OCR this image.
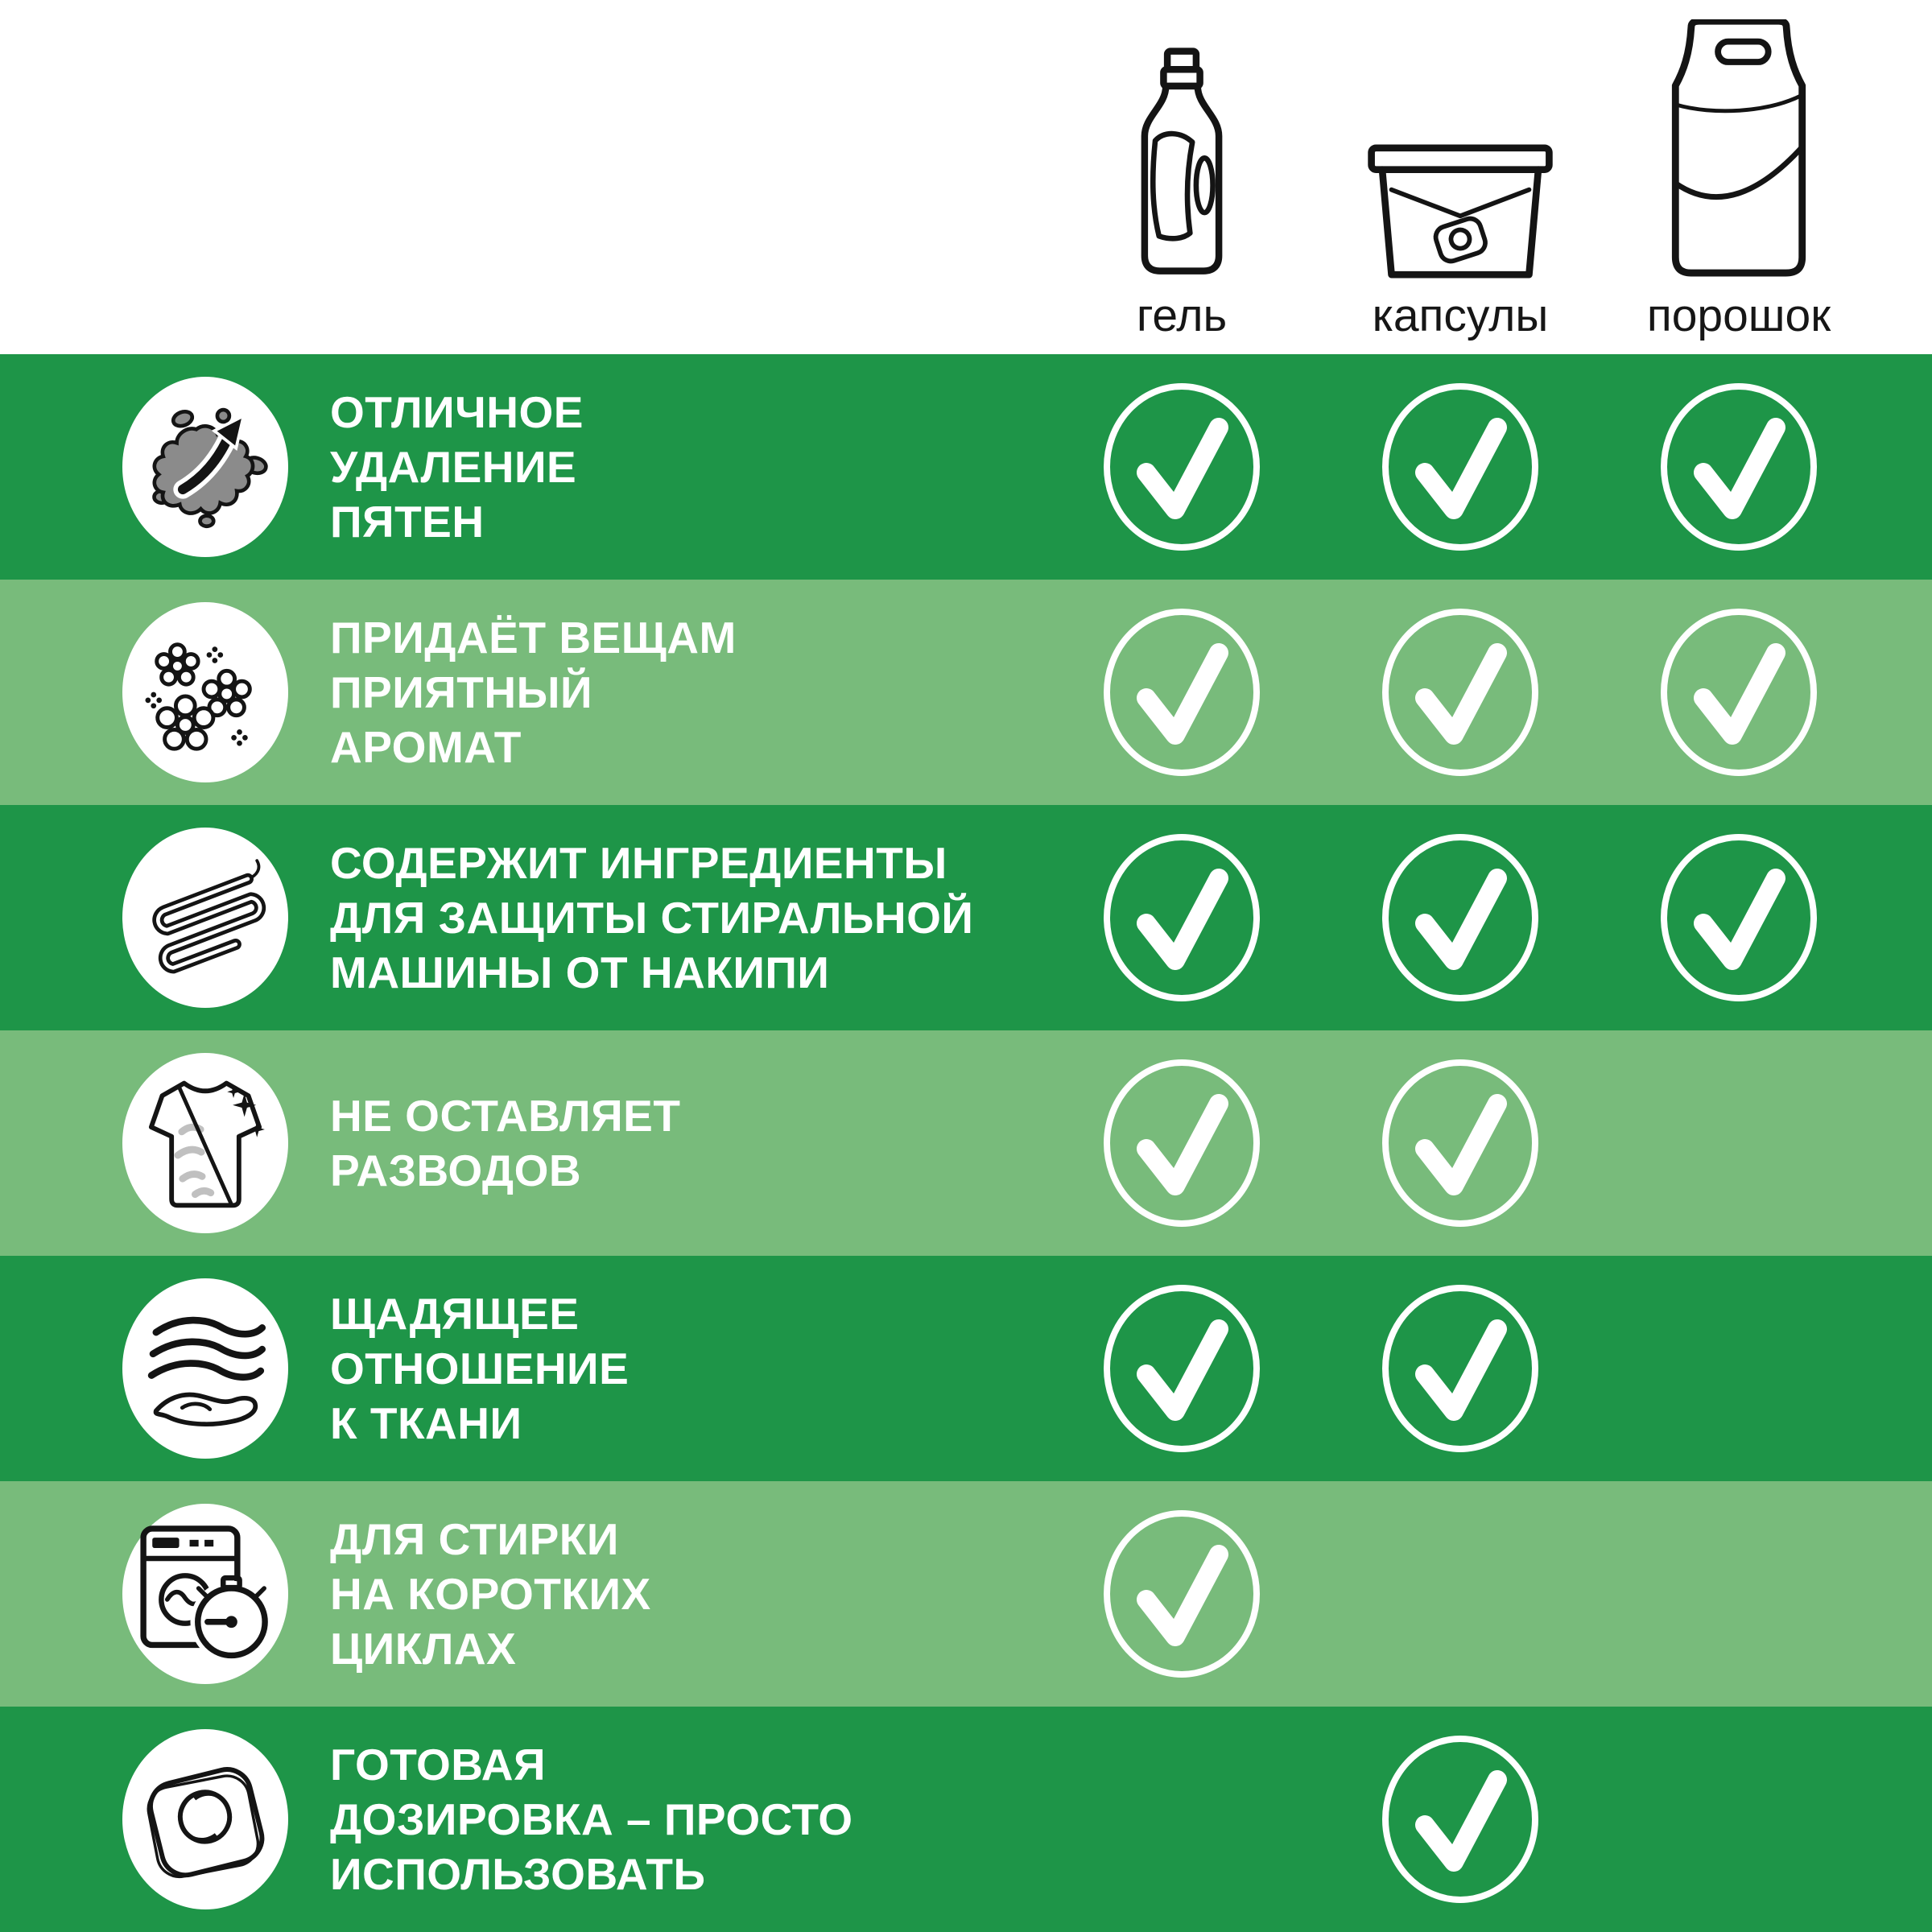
гель	капсулы порошок
ОТЛИЧНОЕ
УДАЛЕНИЕ
ПЯТЕН
ПРИДАЁТ ВЕЩАМ
ПРИЯТНЫЙ
АРОМАТ
СОДЕРЖИТ ИНГРЕДИЕНТЫ
ДЛЯ ЗАЩИТЫ СТИРАЛЬНОЙ
МАШИНЫ ОТ НАКИПИ
НЕ ОСТАВЛЯЕТ
РАЗВОДОВ
ЩАДЯЩЕЕ
ОТНОШЕНИЕ
К ТКАНИ
ДЛЯ СТИРКИ
НА КОРОТКИХ
ЦИКЛАХ
ГОТОВАЯ
ДОЗИРОВКА – ПРОСТО
ИСПОЛЬЗОВАТЬ
